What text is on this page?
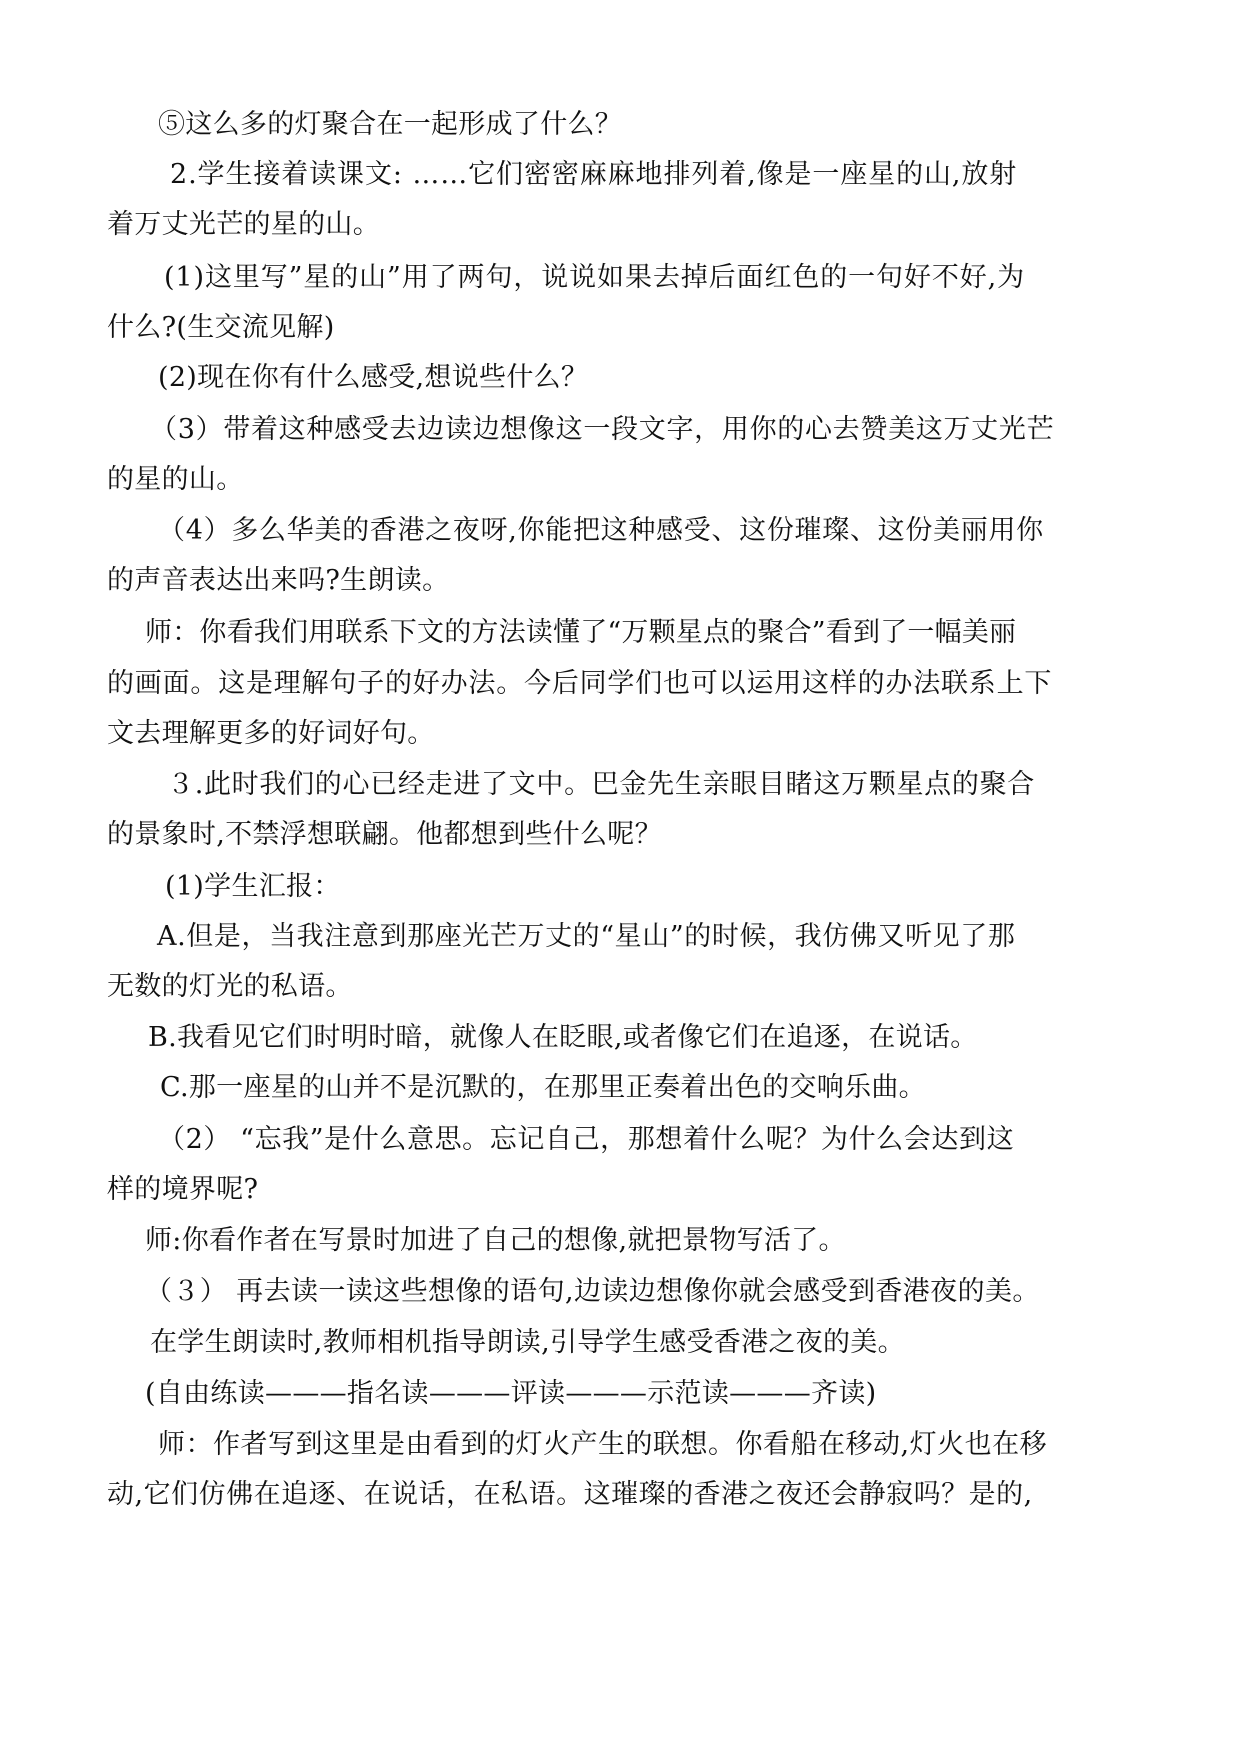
⑤这么多的灯聚合在一起形成了什么？
2.学生接着读课文: ……它们密密麻麻地排列着,像是一座星的山,放射
着万丈光芒的星的山。
(1)这里写”星的山”用了两句，说说如果去掉后面红色的一句好不好,为
什么?(生交流见解)
(2)现在你有什么感受,想说些什么？
（3）带着这种感受去边读边想像这一段文字，用你的心去赞美这万丈光芒
的星的山。
（4）多么华美的香港之夜呀,你能把这种感受、这份璀璨、这份美丽用你
的声音表达出来吗?生朗读。
师：你看我们用联系下文的方法读懂了“万颗星点的聚合”看到了一幅美丽
的画面。这是理解句子的好办法。今后同学们也可以运用这样的办法联系上下
文去理解更多的好词好句。
３.此时我们的心已经走进了文中。巴金先生亲眼目睹这万颗星点的聚合
的景象时,不禁浮想联翩。他都想到些什么呢？
(1)学生汇报：
A.但是，当我注意到那座光芒万丈的“星山”的时候，我仿佛又听见了那
无数的灯光的私语。
B.我看见它们时明时暗，就像人在眨眼,或者像它们在追逐，在说话。
C.那一座星的山并不是沉默的，在那里正奏着出色的交响乐曲。
（2） “忘我”是什么意思。忘记自己，那想着什么呢？为什么会达到这
样的境界呢?
师:你看作者在写景时加进了自己的想像,就把景物写活了。
（３） 再去读一读这些想像的语句,边读边想像你就会感受到香港夜的美。
在学生朗读时,教师相机指导朗读,引导学生感受香港之夜的美。
(自由练读———指名读———评读———示范读———齐读)
师：作者写到这里是由看到的灯火产生的联想。你看船在移动,灯火也在移
动,它们仿佛在追逐、在说话，在私语。这璀璨的香港之夜还会静寂吗？是的,
